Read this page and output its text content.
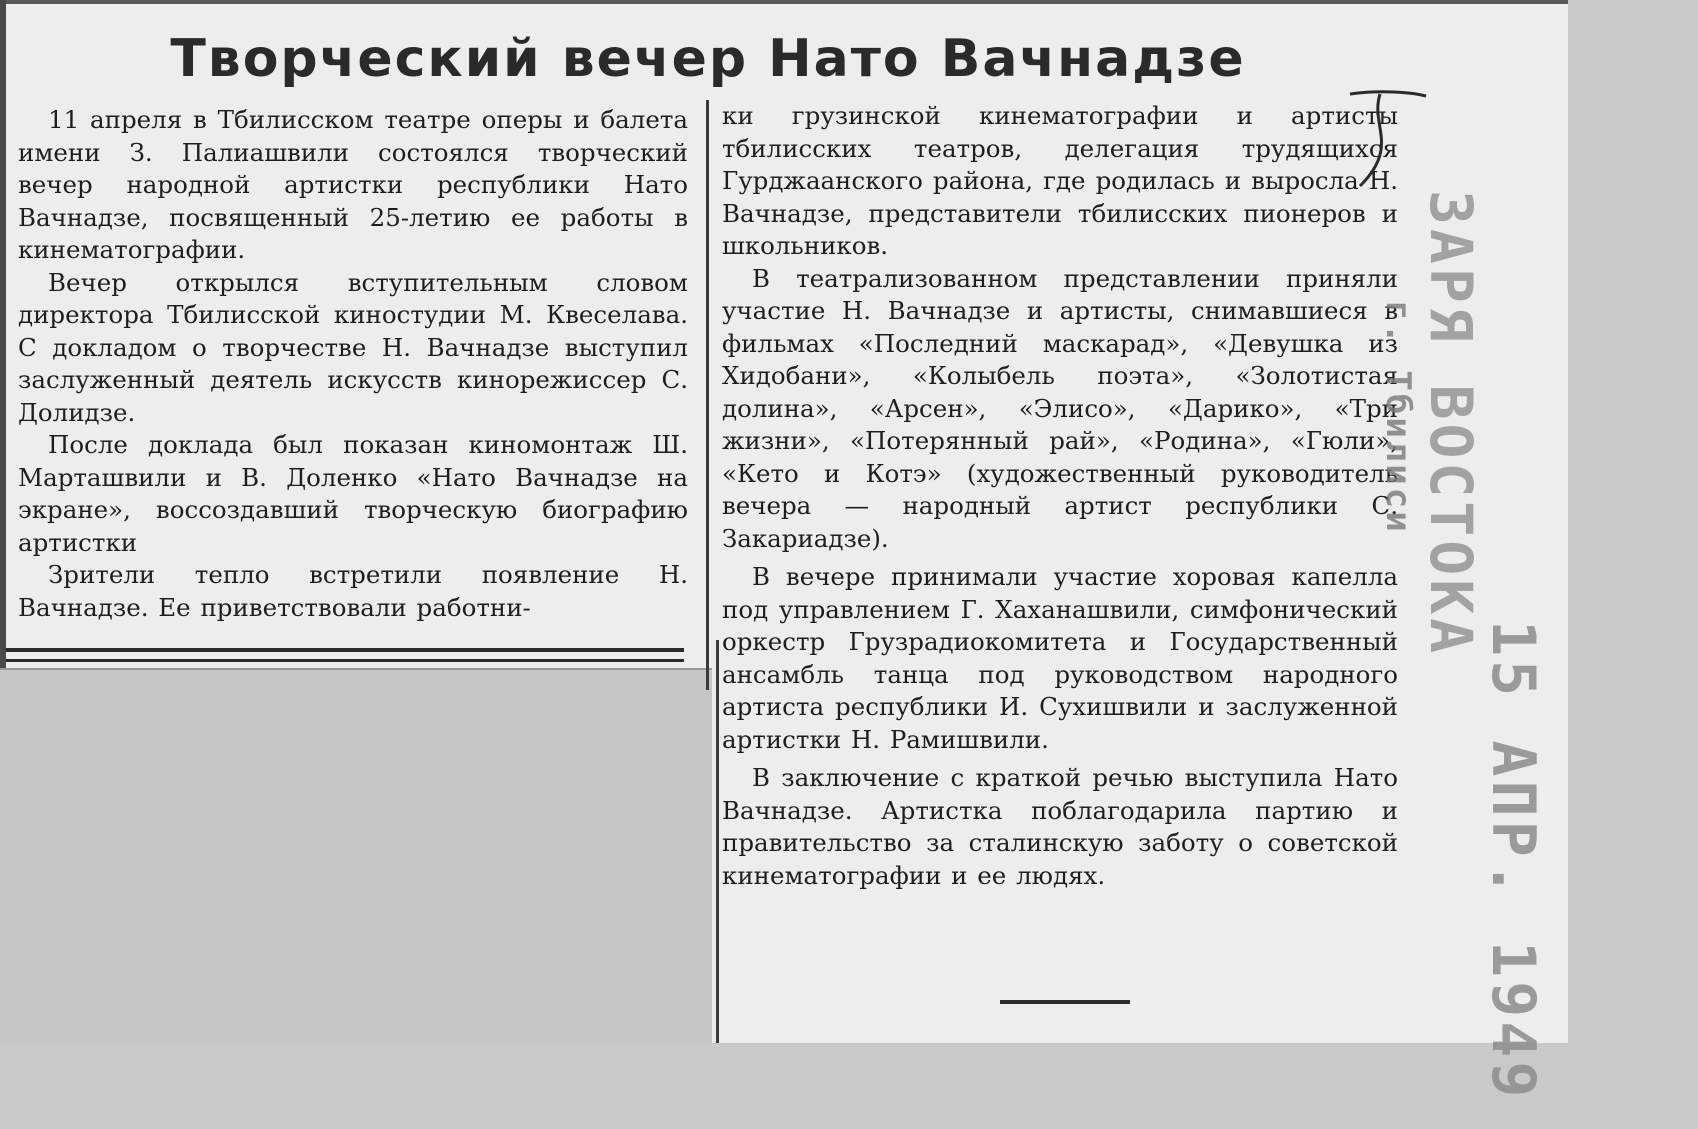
Творческий вечер Нато Вачнадзе

11 апреля в Тбилисском театре оперы и балета имени З. Палиашвили состоялся творческий вечер народной артистки республики Нато Вачнадзе, посвященный 25-летию ее работы в кинематографии.

Вечер открылся вступительным словом директора Тбилисской киностудии М. Квеселава. С докладом о творчестве Н. Вачнадзе выступил заслуженный деятель искусств кинорежиссер С. Долидзе.

После доклада был показан киномонтаж Ш. Марташвили и В. Доленко «Нато Вачнадзе на экране», воссоздавший творческую биографию артистки

Зрители тепло встретили появление Н. Вачнадзе. Ее приветствовали работни-

ки грузинской кинематографии и артисты тбилисских театров, делегация трудящихся Гурджаанского района, где родилась и выросла Н. Вачнадзе, представители тбилисских пионеров и школьников.

В театрализованном представлении приняли участие Н. Вачнадзе и артисты, снимавшиеся в фильмах «Последний маскарад», «Девушка из Хидобани», «Колыбель поэта», «Золотистая долина», «Арсен», «Элисо», «Дарико», «Три жизни», «Потерянный рай», «Родина», «Гюли», «Кето и Котэ» (художественный руководитель вечера — народный артист республики С. Закариадзе).

В вечере принимали участие хоровая капелла под управлением Г. Хаханашвили, симфонический оркестр Грузрадиокомитета и Государственный ансамбль танца под руководством народного артиста республики И. Сухишвили и заслуженной артистки Н. Рамишвили.

В заключение с краткой речью выступила Нато Вачнадзе. Артистка поблагодарила партию и правительство за сталинскую заботу о советской кинематографии и ее людях.

ЗАРЯ ВОСТОКА
г. Тбилиси
15 АПР. 1949
